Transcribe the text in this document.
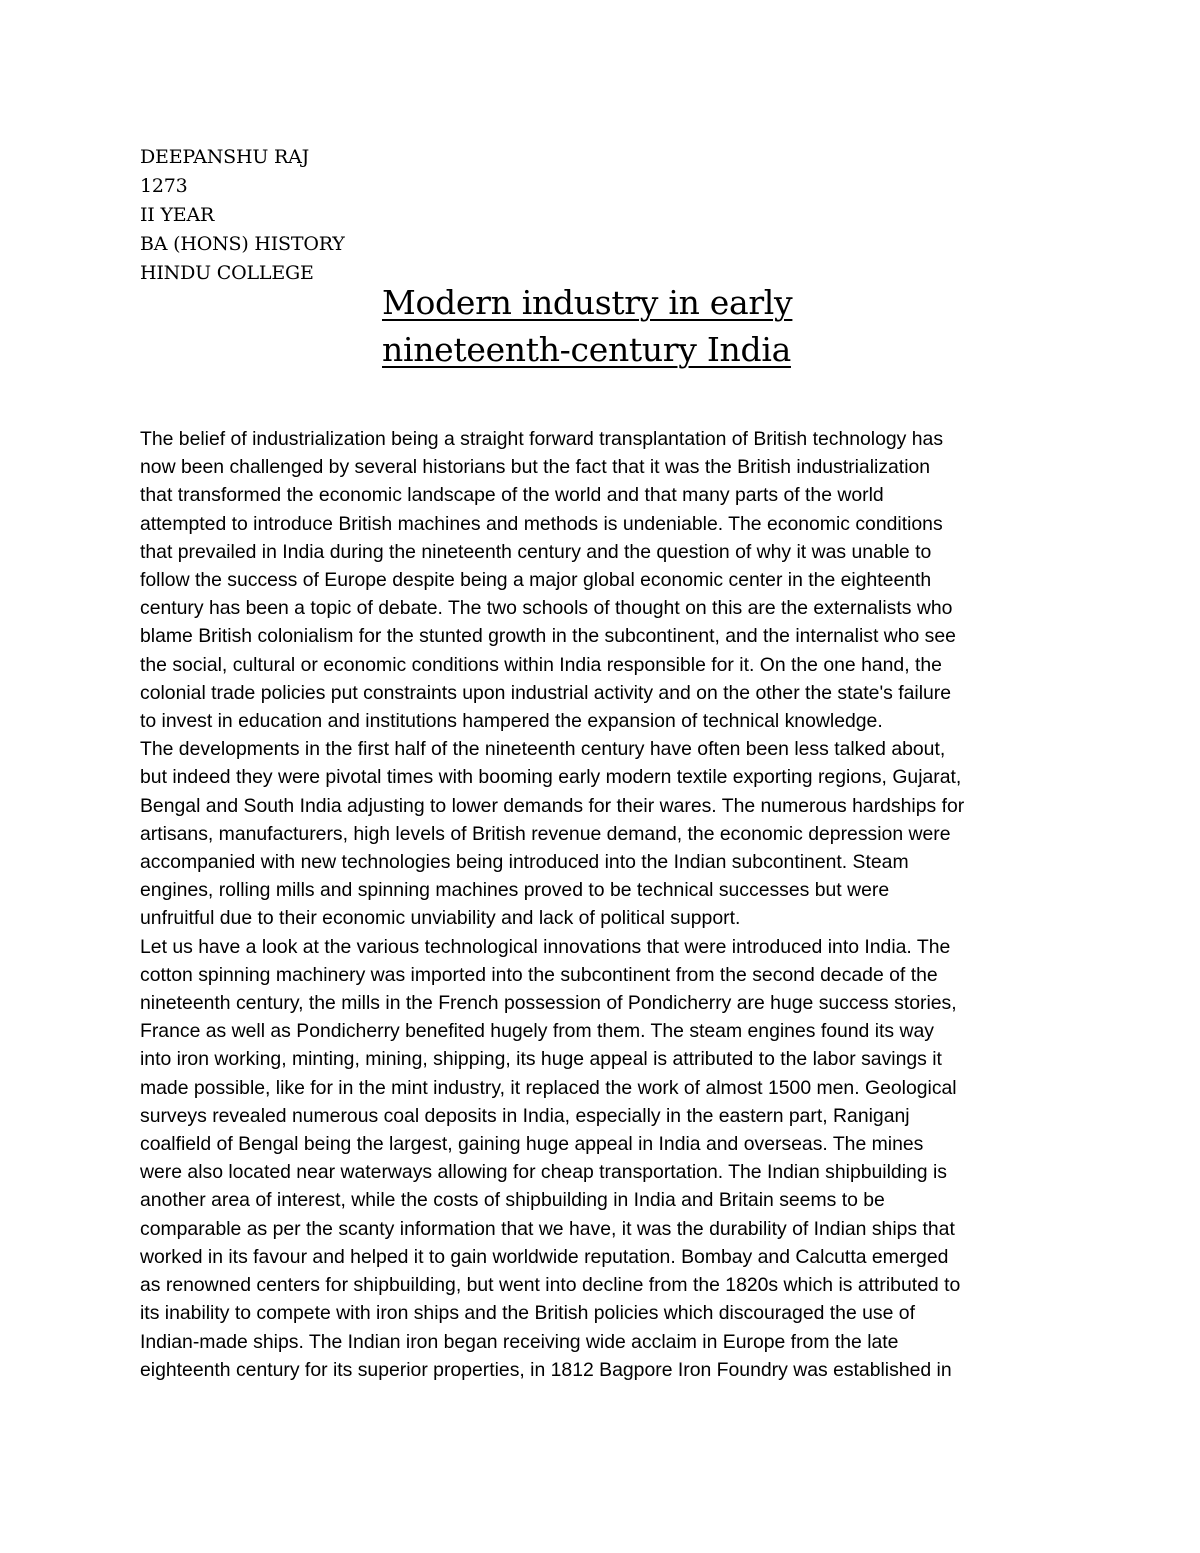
DEEPANSHU RAJ
1273
II YEAR
BA (HONS) HISTORY
HINDU COLLEGE
Modern industry in early
nineteenth-century India
The belief of industrialization being a straight forward transplantation of British technology has
now been challenged by several historians but the fact that it was the British industrialization
that transformed the economic landscape of the world and that many parts of the world
attempted to introduce British machines and methods is undeniable. The economic conditions
that prevailed in India during the nineteenth century and the question of why it was unable to
follow the success of Europe despite being a major global economic center in the eighteenth
century has been a topic of debate. The two schools of thought on this are the externalists who
blame British colonialism for the stunted growth in the subcontinent, and the internalist who see
the social, cultural or economic conditions within India responsible for it. On the one hand, the
colonial trade policies put constraints upon industrial activity and on the other the state's failure
to invest in education and institutions hampered the expansion of technical knowledge.
The developments in the first half of the nineteenth century have often been less talked about,
but indeed they were pivotal times with booming early modern textile exporting regions, Gujarat,
Bengal and South India adjusting to lower demands for their wares. The numerous hardships for
artisans, manufacturers, high levels of British revenue demand, the economic depression were
accompanied with new technologies being introduced into the Indian subcontinent. Steam
engines, rolling mills and spinning machines proved to be technical successes but were
unfruitful due to their economic unviability and lack of political support.
Let us have a look at the various technological innovations that were introduced into India. The
cotton spinning machinery was imported into the subcontinent from the second decade of the
nineteenth century, the mills in the French possession of Pondicherry are huge success stories,
France as well as Pondicherry benefited hugely from them. The steam engines found its way
into iron working, minting, mining, shipping, its huge appeal is attributed to the labor savings it
made possible, like for in the mint industry, it replaced the work of almost 1500 men. Geological
surveys revealed numerous coal deposits in India, especially in the eastern part, Raniganj
coalfield of Bengal being the largest, gaining huge appeal in India and overseas. The mines
were also located near waterways allowing for cheap transportation. The Indian shipbuilding is
another area of interest, while the costs of shipbuilding in India and Britain seems to be
comparable as per the scanty information that we have, it was the durability of Indian ships that
worked in its favour and helped it to gain worldwide reputation. Bombay and Calcutta emerged
as renowned centers for shipbuilding, but went into decline from the 1820s which is attributed to
its inability to compete with iron ships and the British policies which discouraged the use of
Indian-made ships. The Indian iron began receiving wide acclaim in Europe from the late
eighteenth century for its superior properties, in 1812 Bagpore Iron Foundry was established in
